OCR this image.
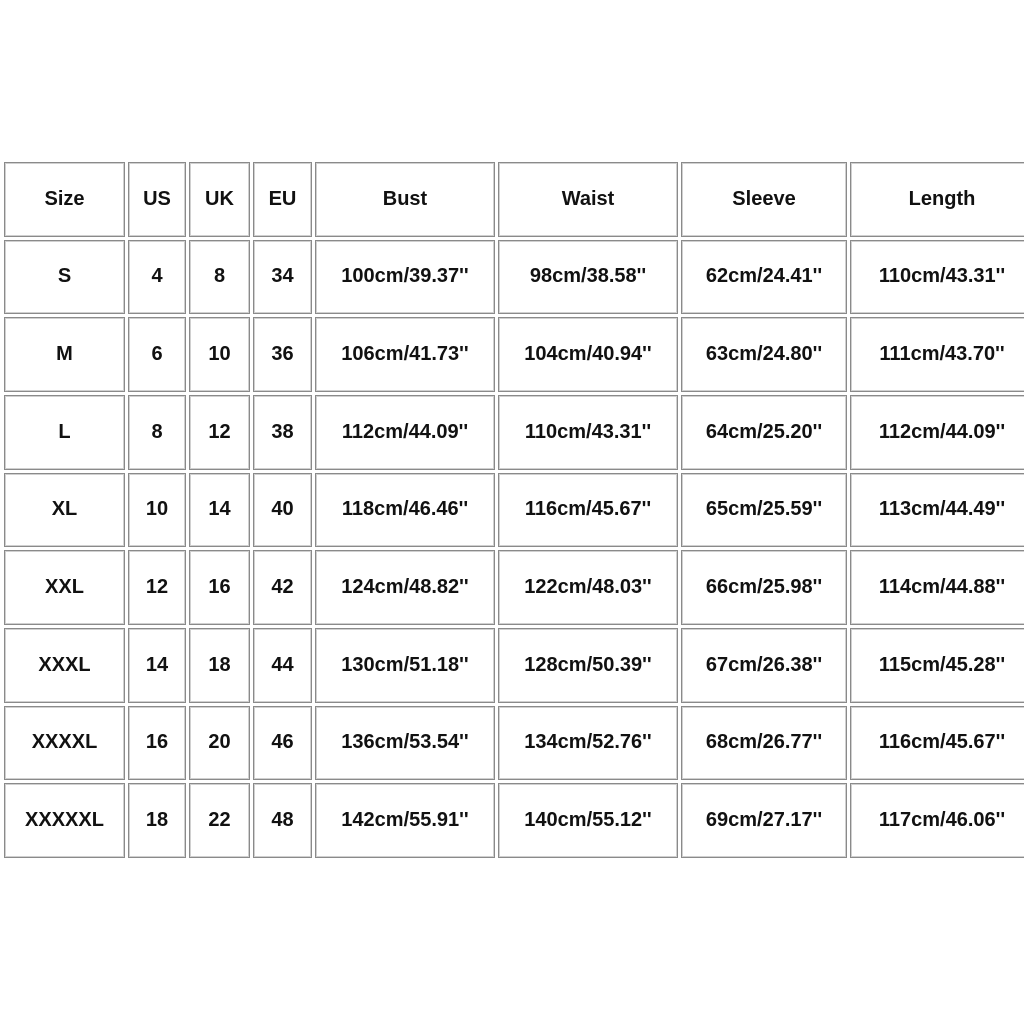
Size	US	UK	EU	Bust	Waist	Sleeve	Length
S	4	8	34	100cm/39.37''	98cm/38.58''	62cm/24.41''	110cm/43.31''
M	6	10	36	106cm/41.73''	104cm/40.94''	63cm/24.80''	111cm/43.70''
L	8	12	38	112cm/44.09''	110cm/43.31''	64cm/25.20''	112cm/44.09''
XL	10	14	40	118cm/46.46''	116cm/45.67''	65cm/25.59''	113cm/44.49''
XXL	12	16	42	124cm/48.82''	122cm/48.03''	66cm/25.98''	114cm/44.88''
XXXL	14	18	44	130cm/51.18''	128cm/50.39''	67cm/26.38''	115cm/45.28''
XXXXL	16	20	46	136cm/53.54''	134cm/52.76''	68cm/26.77''	116cm/45.67''
XXXXXL	18	22	48	142cm/55.91''	140cm/55.12''	69cm/27.17''	117cm/46.06''
